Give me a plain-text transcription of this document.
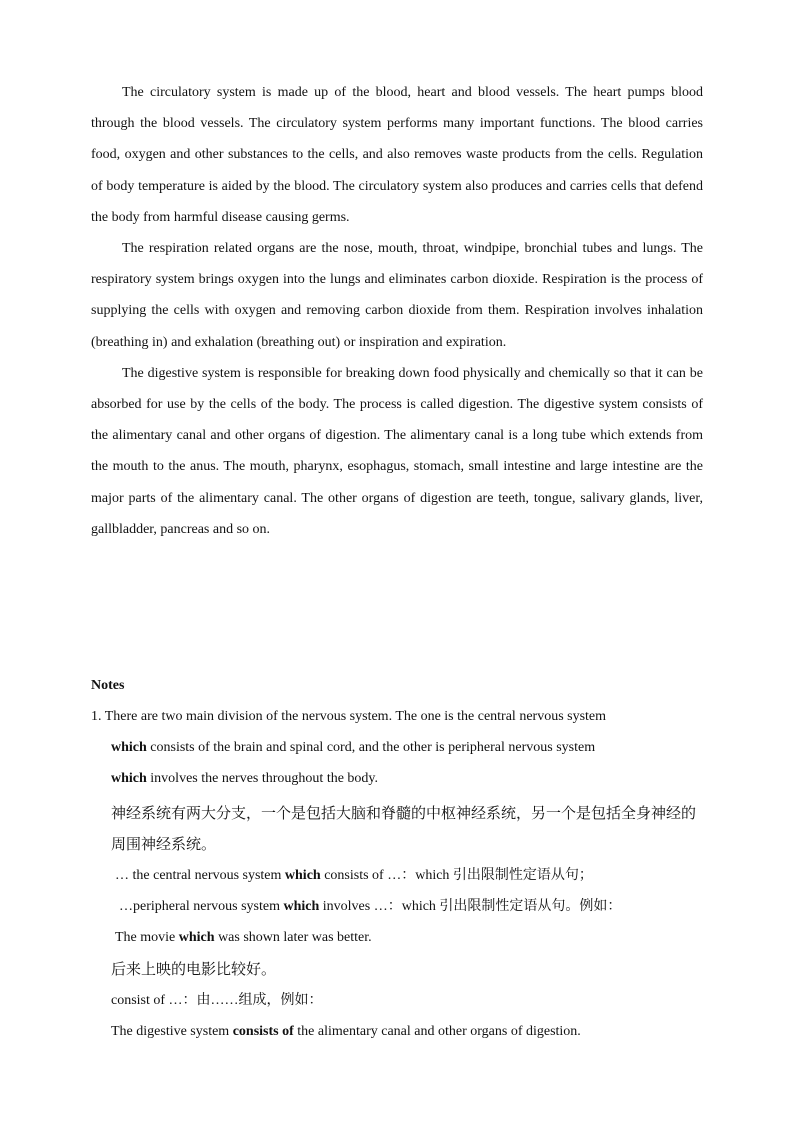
The circulatory system is made up of the blood, heart and blood vessels. The heart pumps blood through the blood vessels. The circulatory system performs many important functions. The blood carries food, oxygen and other substances to the cells, and also removes waste products from the cells. Regulation of body temperature is aided by the blood. The circulatory system also produces and carries cells that defend the body from harmful disease causing germs.

The respiration related organs are the nose, mouth, throat, windpipe, bronchial tubes and lungs. The respiratory system brings oxygen into the lungs and eliminates carbon dioxide. Respiration is the process of supplying the cells with oxygen and removing carbon dioxide from them. Respiration involves inhalation (breathing in) and exhalation (breathing out) or inspiration and expiration.

The digestive system is responsible for breaking down food physically and chemically so that it can be absorbed for use by the cells of the body. The process is called digestion. The digestive system consists of the alimentary canal and other organs of digestion. The alimentary canal is a long tube which extends from the mouth to the anus. The mouth, pharynx, esophagus, stomach, small intestine and large intestine are the major parts of the alimentary canal. The other organs of digestion are teeth, tongue, salivary glands, liver, gallbladder, pancreas and so on.

Notes

1. There are two main division of the nervous system. The one is the central nervous system

which consists of the brain and spinal cord, and the other is peripheral nervous system

which involves the nerves throughout the body.

神经系统有两大分支，一个是包括大脑和脊髓的中枢神经系统，另一个是包括全身神经的周围神经系统。

… the central nervous system which consists of …：which 引出限制性定语从句；

…peripheral nervous system which involves …：which 引出限制性定语从句。例如：

The movie which was shown later was better.

后来上映的电影比较好。

consist of …：由……组成，例如：

The digestive system consists of the alimentary canal and other organs of digestion.
